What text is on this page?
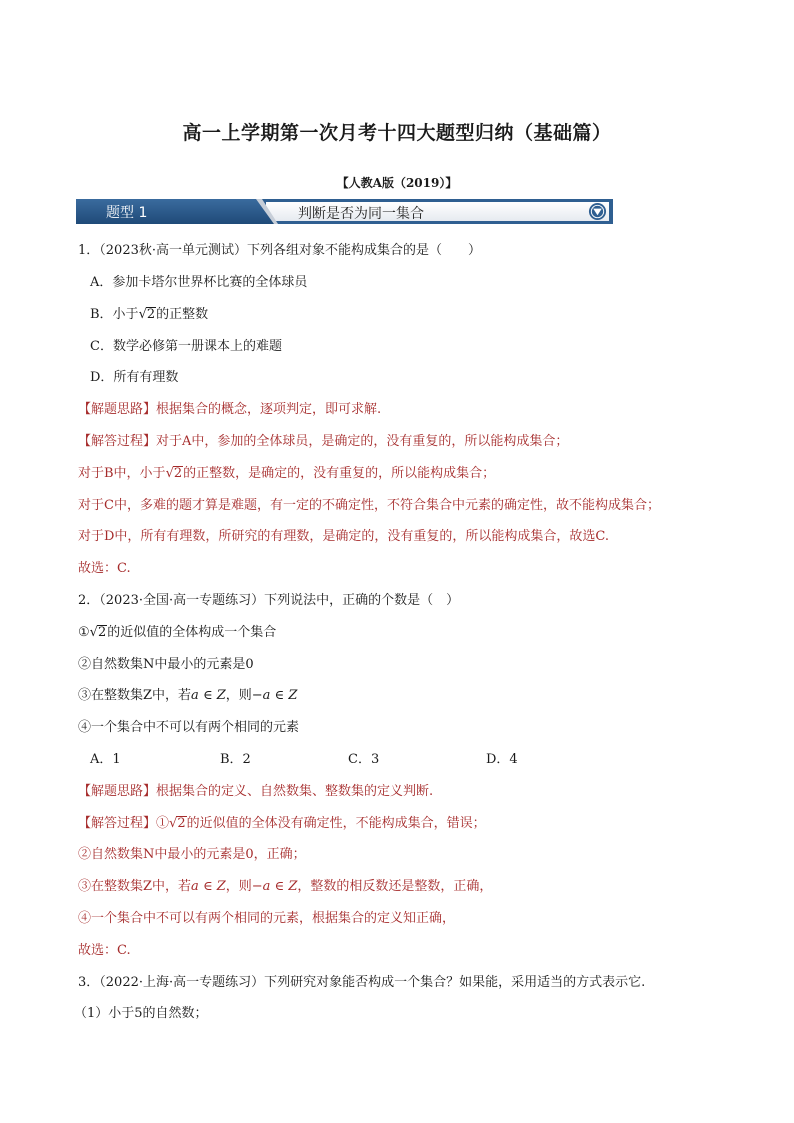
高一上学期第一次月考十四大题型归纳（基础篇）
【人教A版（2019）】
题型 1	判断是否为同一集合
1．（2023秋·高一单元测试）下列各组对象不能构成集合的是（　　）
A．参加卡塔尔世界杯比赛的全体球员
B．小于√2的正整数
C．数学必修第一册课本上的难题
D．所有有理数
【解题思路】根据集合的概念，逐项判定，即可求解.
【解答过程】对于A中，参加的全体球员，是确定的，没有重复的，所以能构成集合；
对于B中，小于√2的正整数，是确定的，没有重复的，所以能构成集合；
对于C中，多难的题才算是难题，有一定的不确定性，不符合集合中元素的确定性，故不能构成集合；
对于D中，所有有理数，所研究的有理数，是确定的，没有重复的，所以能构成集合，故选C.
故选：C.
2．（2023·全国·高一专题练习）下列说法中，正确的个数是（　）
①√2的近似值的全体构成一个集合
②自然数集N中最小的元素是0
③在整数集Z中，若a ∈ Z，则−a ∈ Z
④一个集合中不可以有两个相同的元素
A．1	B．2	C．3	D．4
【解题思路】根据集合的定义、自然数集、整数集的定义判断.
【解答过程】①√2的近似值的全体没有确定性，不能构成集合，错误；
②自然数集N中最小的元素是0，正确；
③在整数集Z中，若a ∈ Z，则−a ∈ Z，整数的相反数还是整数，正确，
④一个集合中不可以有两个相同的元素，根据集合的定义知正确，
故选：C.
3．（2022·上海·高一专题练习）下列研究对象能否构成一个集合？如果能，采用适当的方式表示它.
（1）小于5的自然数；
